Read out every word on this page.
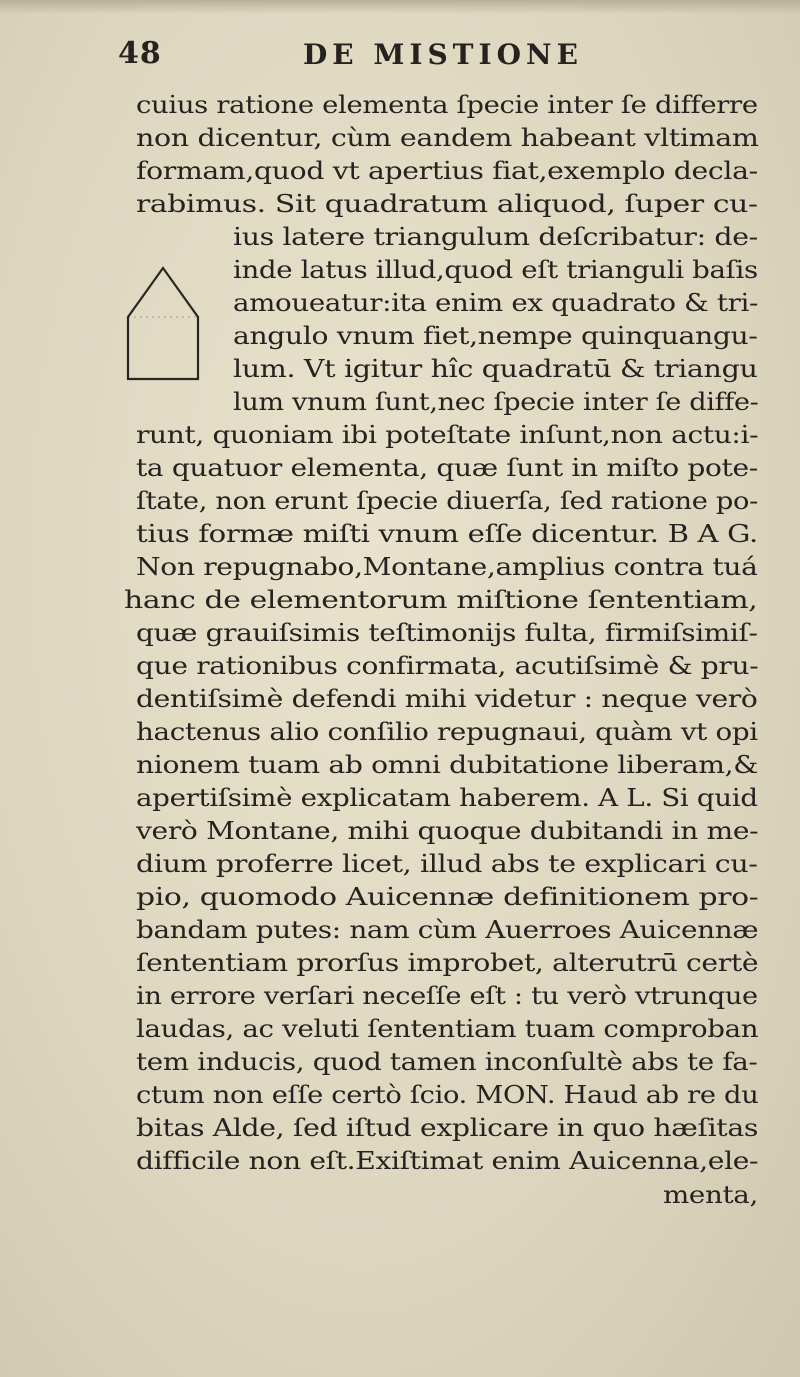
48	DE MISTIONE
cuius ratione elementa ſpecie inter ſe differre
non dicentur, cùm eandem habeant vltimam
formam,quod vt apertius fiat,exemplo decla-
rabimus. Sit quadratum aliquod, ſuper cu-
ius latere triangulum deſcribatur: de-
inde latus illud,quod eſt trianguli baſis
amoueatur:ita enim ex quadrato & tri-
angulo vnum fiet,nempe quinquangu-
lum. Vt igitur hîc quadratū & triangu
lum vnum ſunt,nec ſpecie inter ſe diffe-
runt, quoniam ibi poteſtate inſunt,non actu:i-
ta quatuor elementa, quæ ſunt in miſto pote-
ſtate, non erunt ſpecie diuerſa, ſed ratione po-
tius formæ miſti vnum eſſe dicentur. B A G.
Non repugnabo,Montane,amplius contra tuá
hanc de elementorum miſtione ſententiam,
quæ grauiſsimis teſtimonijs fulta, firmiſsimiſ-
que rationibus confirmata, acutiſsimè & pru-
dentiſsimè defendi mihi videtur : neque verò
hactenus alio conſilio repugnaui, quàm vt opi
nionem tuam ab omni dubitatione liberam,&
apertiſsimè explicatam haberem. A L. Si quid
verò Montane, mihi quoque dubitandi in me-
dium proferre licet, illud abs te explicari cu-
pio, quomodo Auicennæ definitionem pro-
bandam putes: nam cùm Auerroes Auicennæ
ſententiam prorſus improbet, alterutrū certè
in errore verſari neceſſe eſt : tu verò vtrunque
laudas, ac veluti ſententiam tuam comproban
tem inducis, quod tamen inconſultè abs te fa-
ctum non eſſe certò ſcio. MON. Haud ab re du
bitas Alde, ſed iſtud explicare in quo hæſitas
difficile non eſt.Exiſtimat enim Auicenna,ele-
menta,
